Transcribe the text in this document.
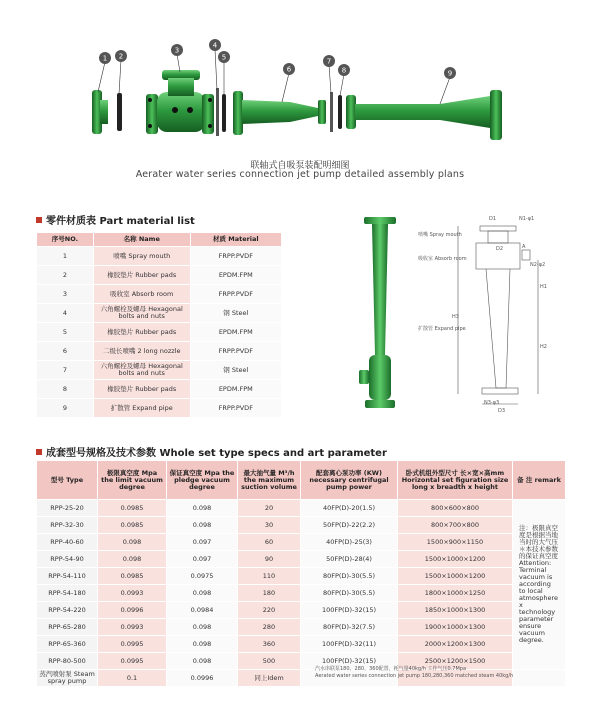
1 2
3
4
5
6
7
8	9
联轴式自吸泵装配明细图
Aerater water series connection jet pump detailed assembly plans
零件材质表 Part material list
序号NO.	名称 Name	材质 Material
1	喷嘴 Spray mouth	FRPP.PVDF
2	橡胶垫片 Rubber pads	EPDM.FPM
3	吸收室 Absorb room	FRPP.PVDF
4	六角螺栓及螺母 Hexagonal bolts and nuts	钢 Steel
5	橡胶垫片 Rubber pads	EPDM.FPM
6	二级长喷嘴 2 long nozzle	FRPP.PVDF
7	六角螺栓及螺母 Hexagonal bolts and nuts	钢 Steel
8	橡胶垫片 Rubber pads	EPDM.FPM
9	扩散管 Expand pipe	FRPP.PVDF
D1	N1-φ1
D2
N2-φ2
N3-φ3
D3
H1
H2
H3
A
喷嘴 Spray mouth
吸收室 Absorb room
扩散管 Expand pipe
成套型号规格及技术参数 Whole set type specs and art parameter
型号 Type	极限真空度 Mpa the limit vacuum degree	保证真空度 Mpa the pledge vacuum degree	最大抽气量 M³/h the maximum suction volume	配套离心泵功率 (KW) necessary centrifugal pump power	卧式机组外型尺寸 长×宽×高mm Horizontal set figuration size long x breadth x height	备 注 remark
RPP-25-20	0.0985	0.098	20	40FP(D)-20(1.5)	800×600×800	注：极限真空度是根据当地当时的大气压＊本技术参数的保证真空度 Attention: Terminal vacuum is according to local atmosphere x technology parameter ensure vacuum degree.
RPP-32-30	0.0985	0.098	30	50FP(D)-22(2.2)	800×700×800	
RPP-40-60	0.098	0.097	60	40FP(D)-25(3)	1500×900×1150	
RPP-54-90	0.098	0.097	90	50FP(D)-28(4)	1500×1000×1200	
RPP-54-110	0.0985	0.0975	110	80FP(D)-30(5.5)	1500×1000×1200	
RPP-54-180	0.0993	0.098	180	80FP(D)-30(5.5)	1800×1000×1250	
RPP-54-220	0.0996	0.0984	220	100FP(D)-32(15)	1850×1000×1300	
RPP-65-280	0.0993	0.098	280	80FP(D)-32(7.5)	1900×1000×1300	
RPP-65-360	0.0995	0.098	360	100FP(D)-32(11)	2000×1200×1300	
RPP-80-500	0.0995	0.098	500	100FP(D)-32(15)	2500×1200×1500	
蒸汽喷射泵 Steam spray pump	0.1	0.0996	同上Idem			
汽水串联泵180、280、360配置，耗气量40kg/h 工作气压0.7Mpa
Aerated water series connection jet pump 180,280,360 matched steam 40kg/h
